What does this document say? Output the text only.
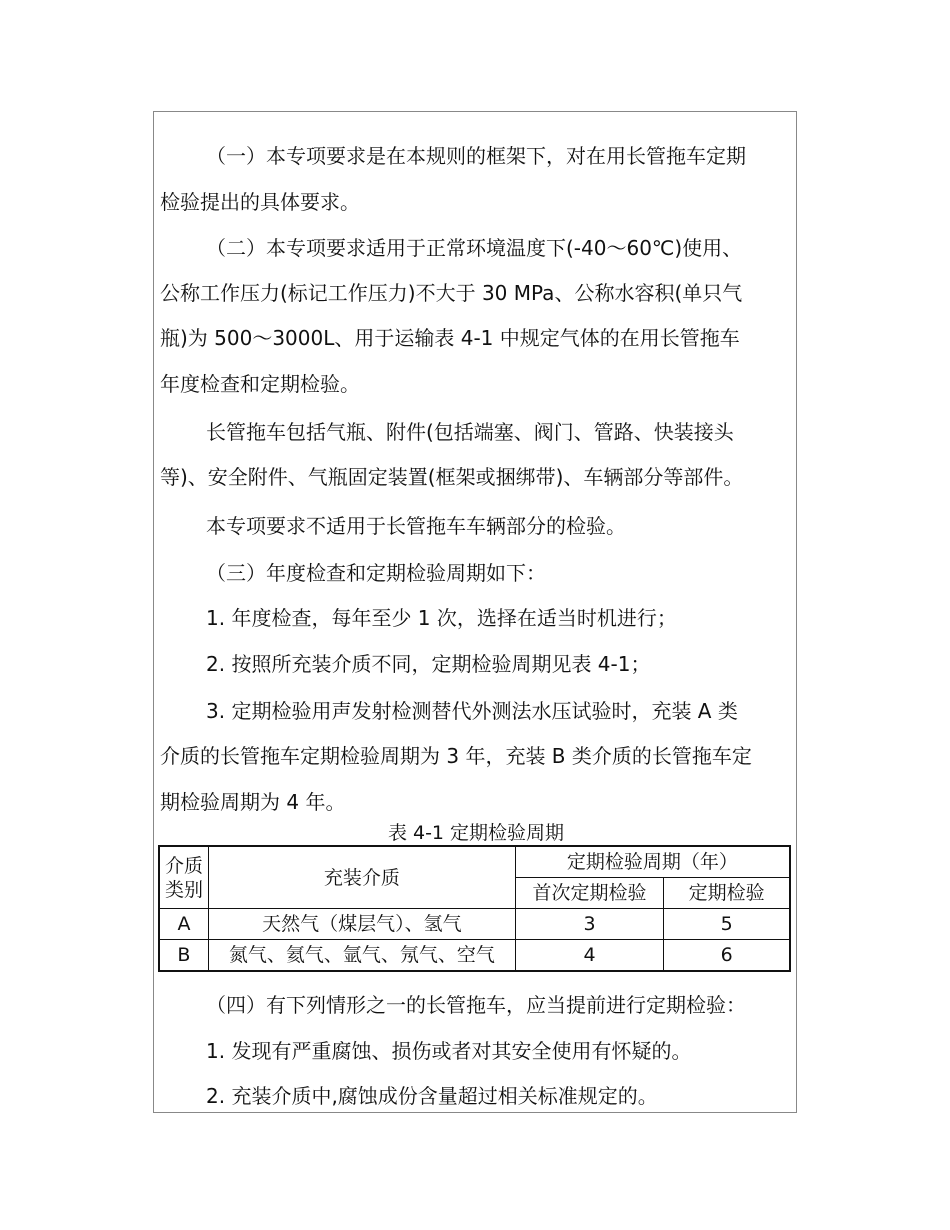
（一）本专项要求是在本规则的框架下，对在用长管拖车定期
检验提出的具体要求。
（二）本专项要求适用于正常环境温度下(-40～60℃)使用、
公称工作压力(标记工作压力)不大于 30 MPa、公称水容积(单只气
瓶)为 500～3000L、用于运输表 4-1 中规定气体的在用长管拖车
年度检查和定期检验。
长管拖车包括气瓶、附件(包括端塞、阀门、管路、快装接头
等)、安全附件、气瓶固定装置(框架或捆绑带)、车辆部分等部件。
本专项要求不适用于长管拖车车辆部分的检验。
（三）年度检查和定期检验周期如下：
1. 年度检查，每年至少 1 次，选择在适当时机进行；
2. 按照所充装介质不同，定期检验周期见表 4-1；
3. 定期检验用声发射检测替代外测法水压试验时，充装 A 类
介质的长管拖车定期检验周期为 3 年，充装 B 类介质的长管拖车定
期检验周期为 4 年。
表 4-1 定期检验周期
介质
类别	充装介质	定期检验周期（年）	
		首次定期检验	定期检验
A	天然气（煤层气）、氢气	3	5
B	氮气、氦气、氩气、氖气、空气	4	6
（四）有下列情形之一的长管拖车，应当提前进行定期检验：
1. 发现有严重腐蚀、损伤或者对其安全使用有怀疑的。
2. 充装介质中,腐蚀成份含量超过相关标准规定的。
